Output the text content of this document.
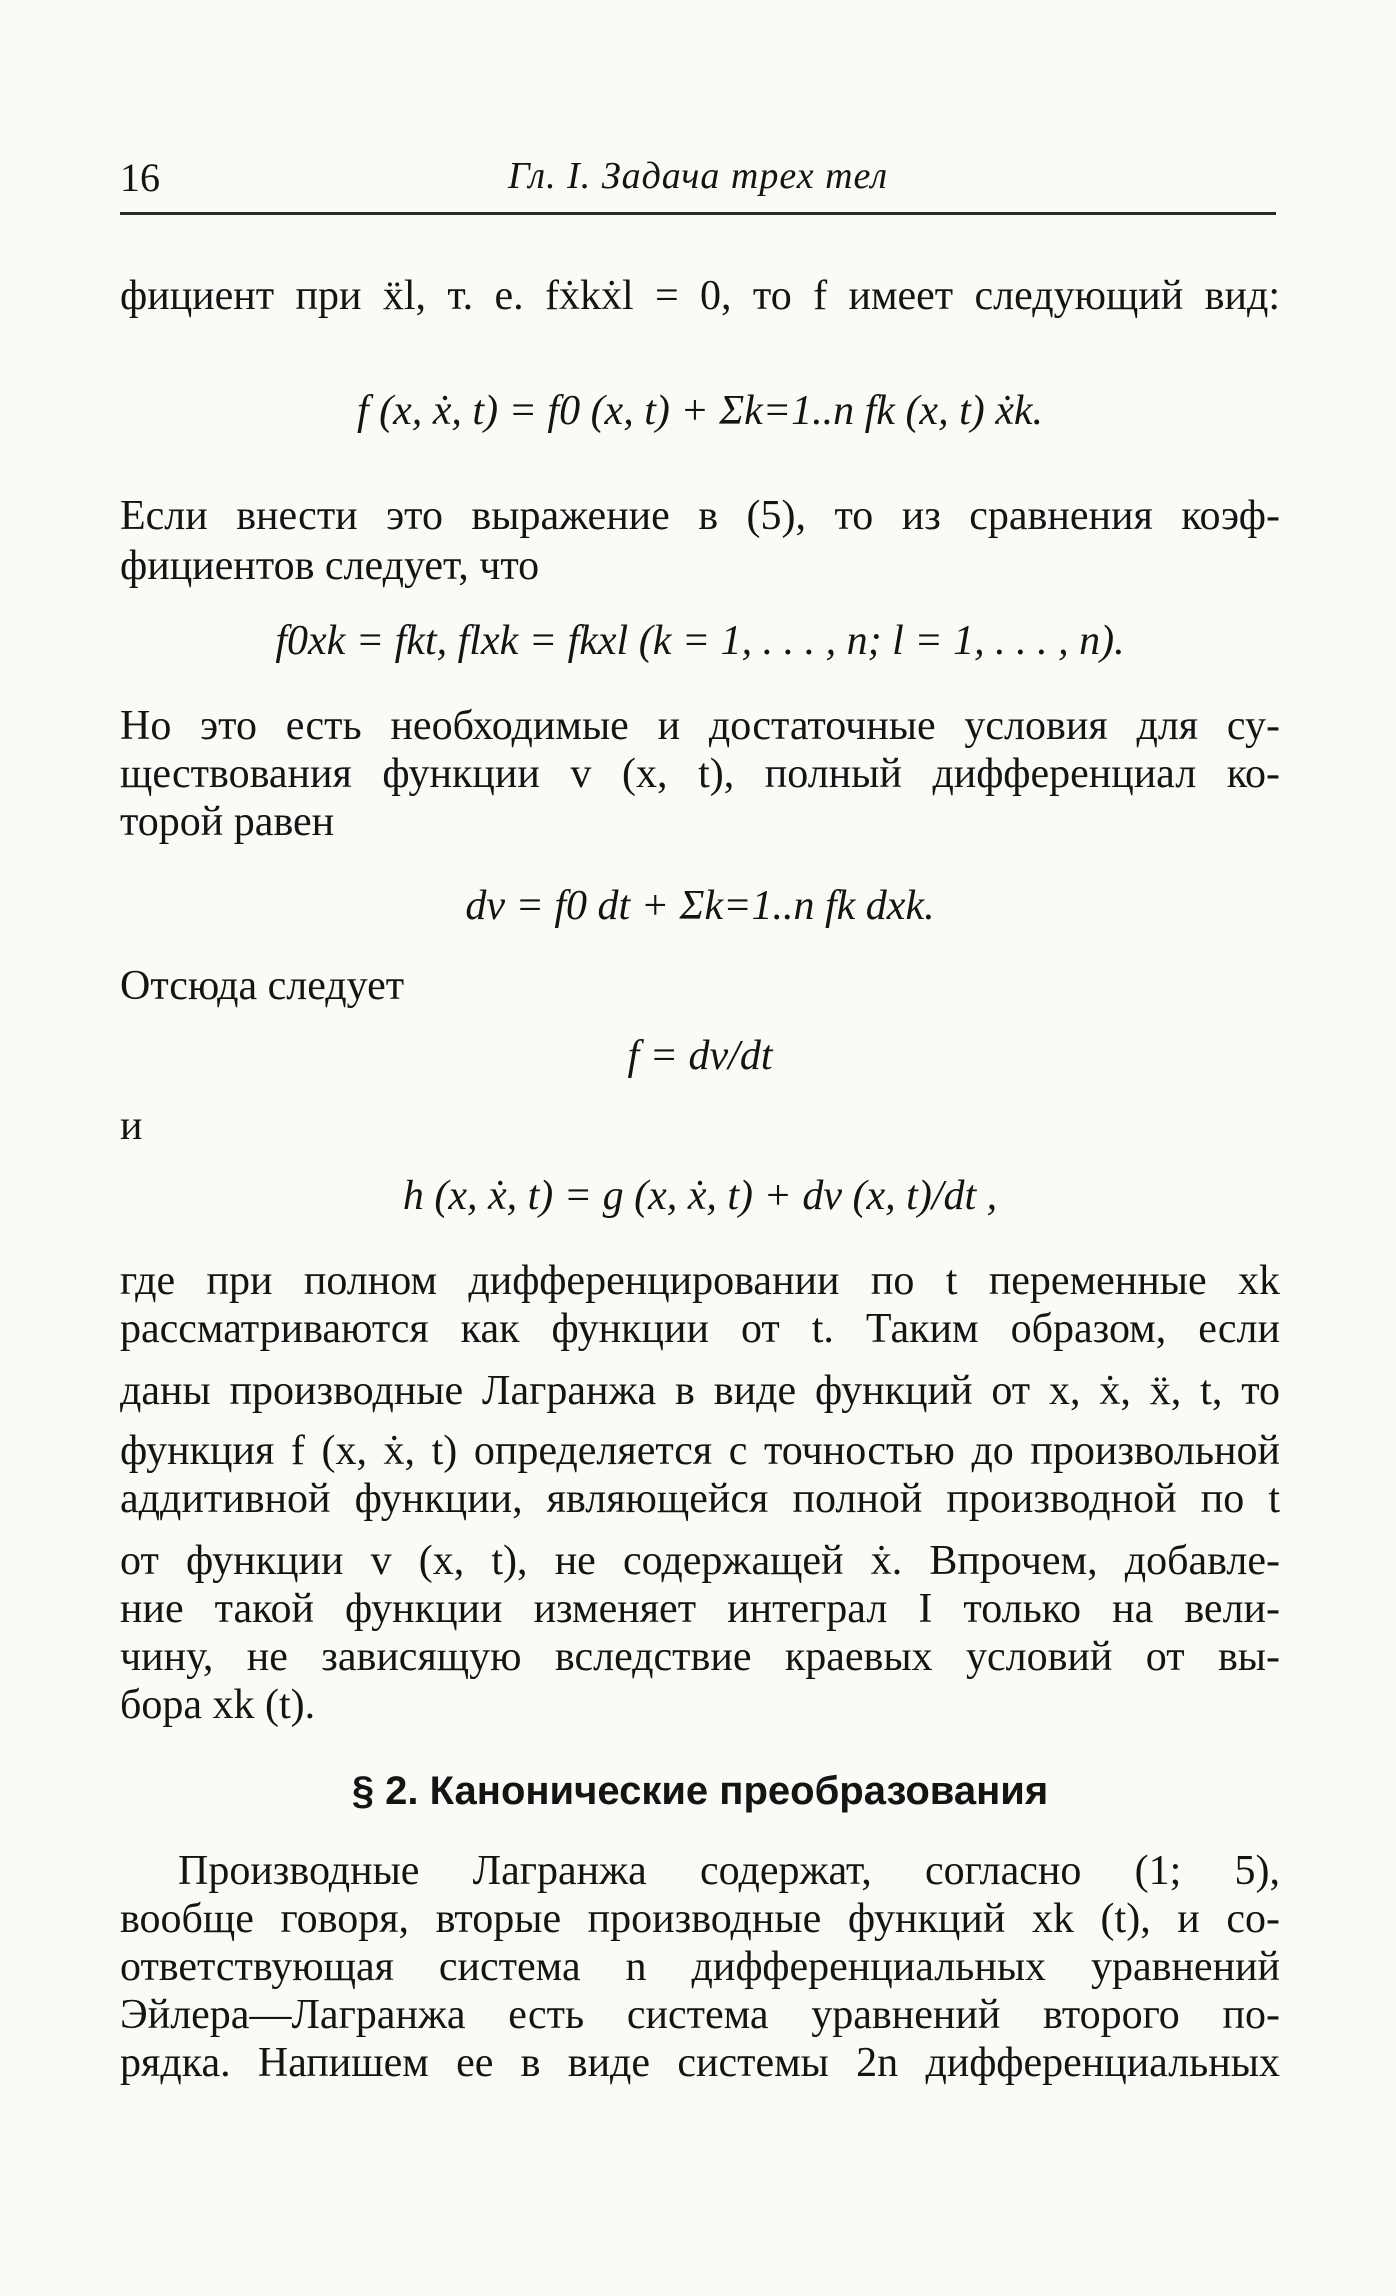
16	Гл. I. Задача трех тел
фициент при ẍl, т. е. fẋkẋl = 0, то f имеет следующий вид:
f (x, ẋ, t) = f0 (x, t) + Σk=1..n fk (x, t) ẋk.
Если внести это выражение в (5), то из сравнения коэф-
фициентов следует, что
f0xk = fkt, flxk = fkxl (k = 1, . . . , n; l = 1, . . . , n).
Но это есть необходимые и достаточные условия для су-
ществования функции v (x, t), полный дифференциал ко-
торой равен
dv = f0 dt + Σk=1..n fk dxk.
Отсюда следует
f = dv/dt
и
h (x, ẋ, t) = g (x, ẋ, t) + dv (x, t)/dt ,
где при полном дифференцировании по t переменные xk
рассматриваются как функции от t. Таким образом, если
даны производные Лагранжа в виде функций от x, ẋ, ẍ, t, то
функция f (x, ẋ, t) определяется с точностью до произвольной
аддитивной функции, являющейся полной производной по t
от функции v (x, t), не содержащей ẋ. Впрочем, добавле-
ние такой функции изменяет интеграл I только на вели-
чину, не зависящую вследствие краевых условий от вы-
бора xk (t).
§ 2. Канонические преобразования
Производные Лагранжа содержат, согласно (1; 5),
вообще говоря, вторые производные функций xk (t), и со-
ответствующая система n дифференциальных уравнений
Эйлера—Лагранжа есть система уравнений второго по-
рядка. Напишем ее в виде системы 2n дифференциальных
